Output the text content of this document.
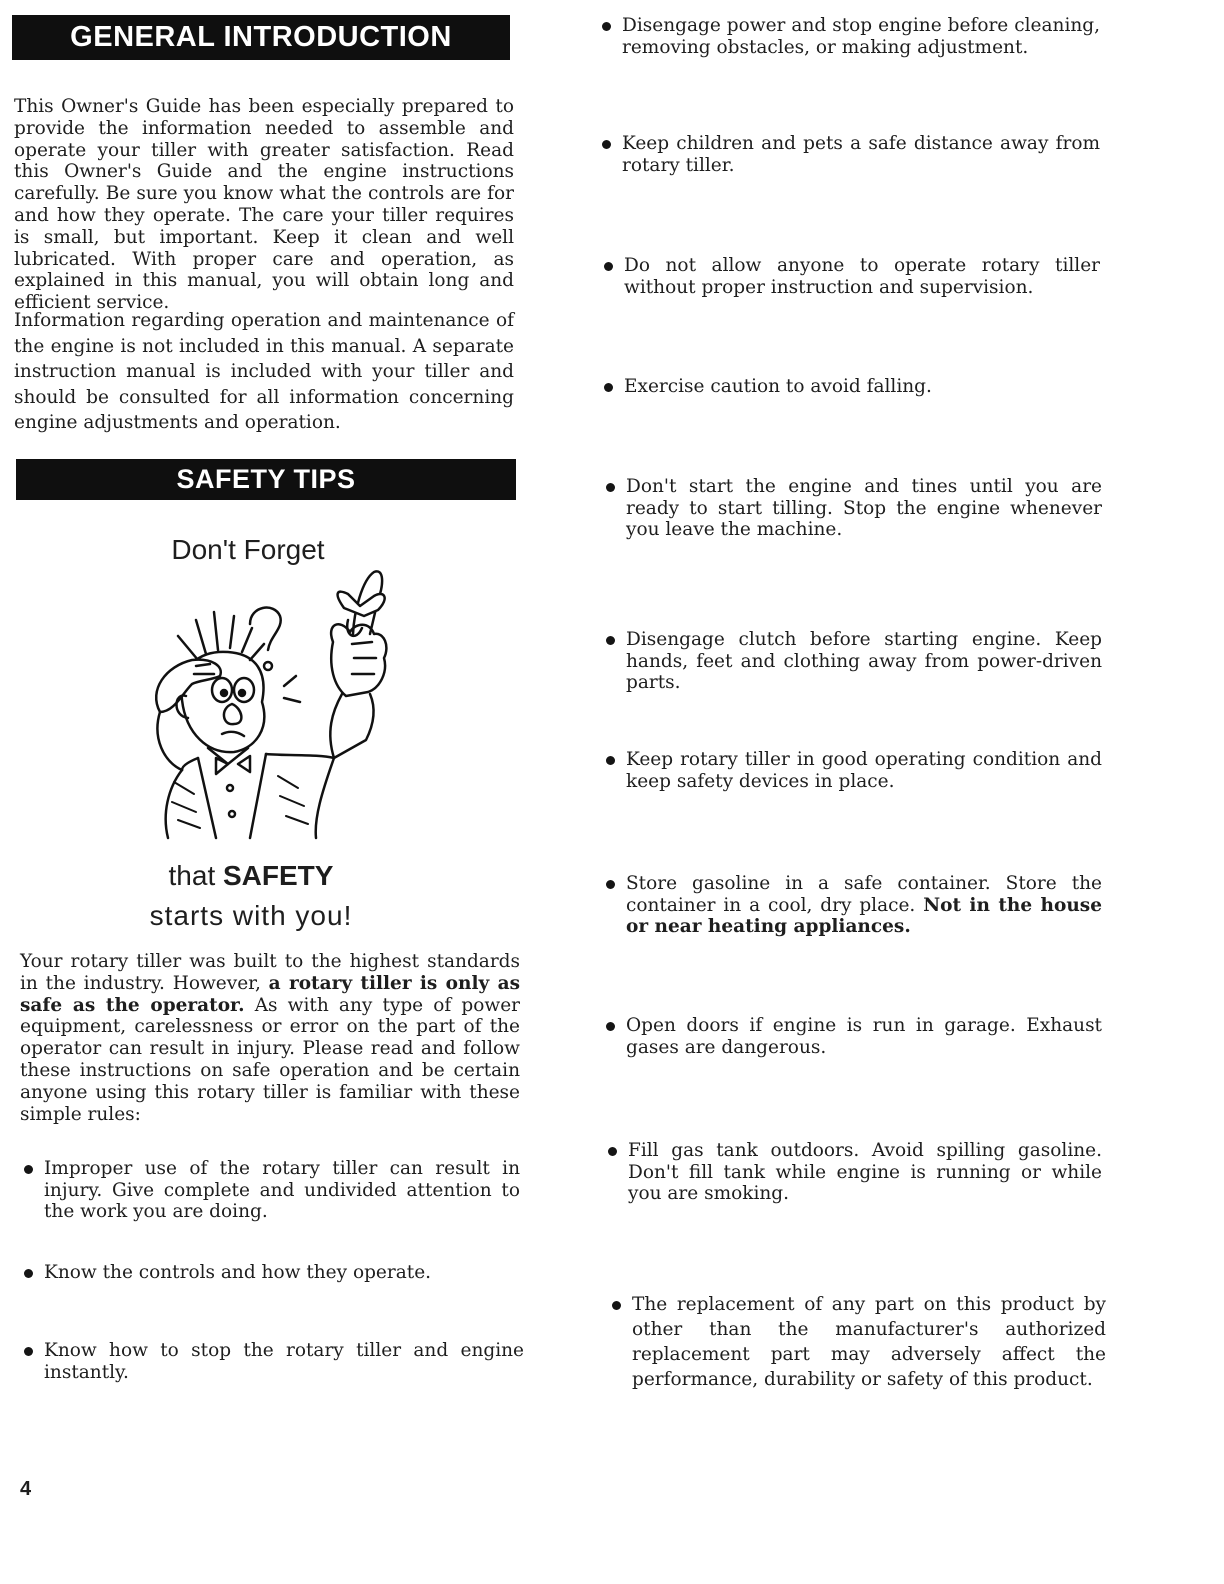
GENERAL INTRODUCTION

This Owner's Guide has been especially prepared to provide the information needed to assemble and operate your tiller with greater satisfaction. Read this Owner's Guide and the engine instructions carefully. Be sure you know what the controls are for and how they operate. The care your tiller requires is small, but important. Keep it clean and well lubricated. With proper care and operation, as explained in this manual, you will obtain long and efficient service.

Information regarding operation and maintenance of the engine is not included in this manual. A separate instruction manual is included with your tiller and should be consulted for all information concerning engine adjustments and operation.

SAFETY TIPS
Don't Forget
that SAFETY
starts with you!

Your rotary tiller was built to the highest standards in the industry. However, a rotary tiller is only as safe as the operator. As with any type of power equipment, carelessness or error on the part of the operator can result in injury. Please read and follow these instructions on safe operation and be certain anyone using this rotary tiller is familiar with these simple rules:

Improper use of the rotary tiller can result in injury. Give complete and undivided attention to the work you are doing.
Know the controls and how they operate.
Know how to stop the rotary tiller and engine instantly.
4
Disengage power and stop engine before cleaning, removing obstacles, or making adjustment.
Keep children and pets a safe distance away from rotary tiller.
Do not allow anyone to operate rotary tiller without proper instruction and supervision.
Exercise caution to avoid falling.
Don't start the engine and tines until you are ready to start tilling. Stop the engine whenever you leave the machine.
Disengage clutch before starting engine. Keep hands, feet and clothing away from power-driven parts.
Keep rotary tiller in good operating condition and keep safety devices in place.
Store gasoline in a safe container. Store the container in a cool, dry place. Not in the house or near heating appliances.
Open doors if engine is run in garage. Exhaust gases are dangerous.
Fill gas tank outdoors. Avoid spilling gasoline. Don't fill tank while engine is running or while you are smoking.
The replacement of any part on this product by other than the manufacturer's authorized replacement part may adversely affect the performance, durability or safety of this product.
